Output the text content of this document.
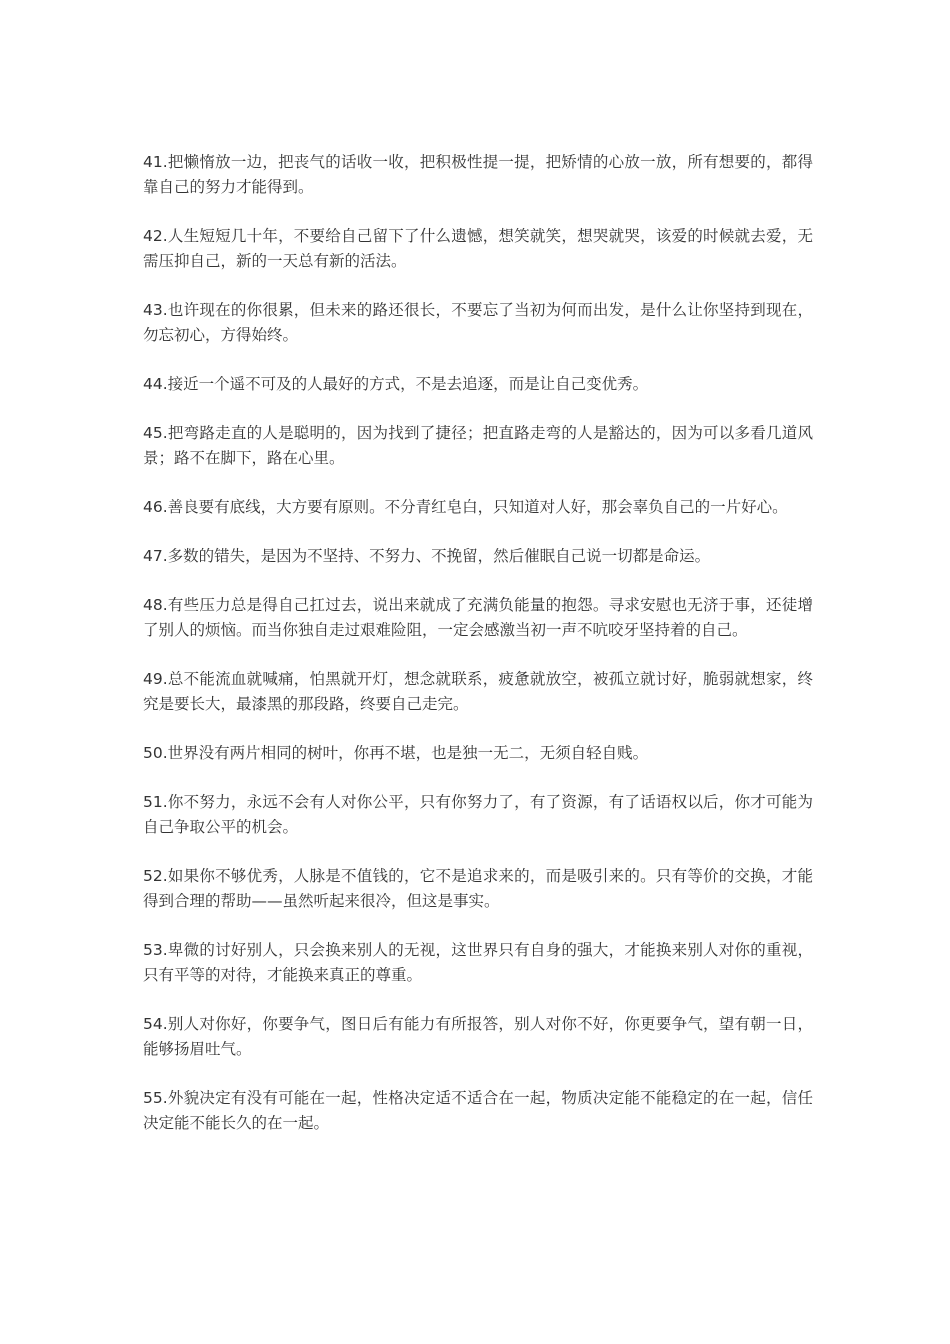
41.把懒惰放一边，把丧气的话收一收，把积极性提一提，把矫情的心放一放，所有想要的，都得靠自己的努力才能得到。

42.人生短短几十年，不要给自己留下了什么遗憾，想笑就笑，想哭就哭，该爱的时候就去爱，无需压抑自己，新的一天总有新的活法。

43.也许现在的你很累，但未来的路还很长，不要忘了当初为何而出发，是什么让你坚持到现在，勿忘初心，方得始终。

44.接近一个遥不可及的人最好的方式，不是去追逐，而是让自己变优秀。

45.把弯路走直的人是聪明的，因为找到了捷径；把直路走弯的人是豁达的，因为可以多看几道风景；路不在脚下，路在心里。

46.善良要有底线，大方要有原则。不分青红皂白，只知道对人好，那会辜负自己的一片好心。

47.多数的错失，是因为不坚持、不努力、不挽留，然后催眠自己说一切都是命运。

48.有些压力总是得自己扛过去，说出来就成了充满负能量的抱怨。寻求安慰也无济于事，还徒增了别人的烦恼。而当你独自走过艰难险阻，一定会感激当初一声不吭咬牙坚持着的自己。

49.总不能流血就喊痛，怕黑就开灯，想念就联系，疲惫就放空，被孤立就讨好，脆弱就想家，终究是要长大，最漆黑的那段路，终要自己走完。

50.世界没有两片相同的树叶，你再不堪，也是独一无二，无须自轻自贱。

51.你不努力，永远不会有人对你公平，只有你努力了，有了资源，有了话语权以后，你才可能为自己争取公平的机会。

52.如果你不够优秀，人脉是不值钱的，它不是追求来的，而是吸引来的。只有等价的交换，才能得到合理的帮助——虽然听起来很冷，但这是事实。

53.卑微的讨好别人，只会换来别人的无视，这世界只有自身的强大，才能换来别人对你的重视，只有平等的对待，才能换来真正的尊重。

54.别人对你好，你要争气，图日后有能力有所报答，别人对你不好，你更要争气，望有朝一日，能够扬眉吐气。

55.外貌决定有没有可能在一起，性格决定适不适合在一起，物质决定能不能稳定的在一起，信任决定能不能长久的在一起。
